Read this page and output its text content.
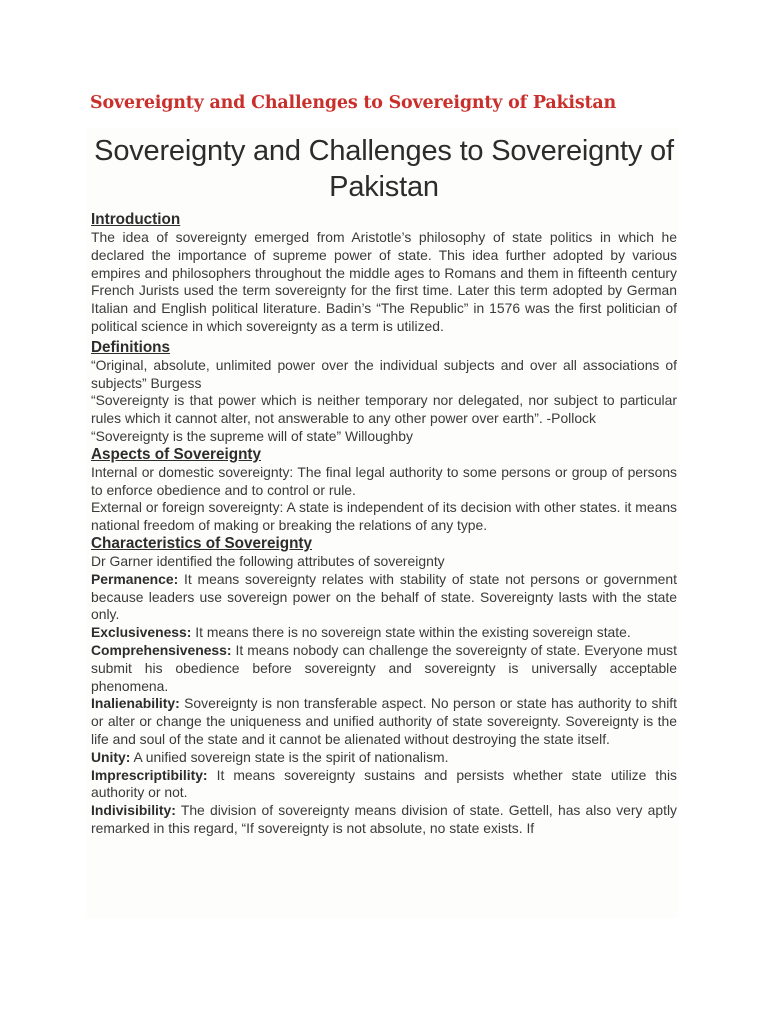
Sovereignty and Challenges to Sovereignty of Pakistan
Sovereignty and Challenges to Sovereignty of Pakistan
Introduction

The idea of sovereignty emerged from Aristotle’s philosophy of state politics in which he declared the importance of supreme power of state. This idea further adopted by various empires and philosophers throughout the middle ages to Romans and them in fifteenth century French Jurists used the term sovereignty for the first time. Later this term adopted by German Italian and English political literature. Badin’s “The Republic” in 1576 was the first politician of political science in which sovereignty as a term is utilized.

Definitions

“Original, absolute, unlimited power over the individual subjects and over all associations of subjects” Burgess

“Sovereignty is that power which is neither temporary nor delegated, nor subject to particular rules which it cannot alter, not answerable to any other power over earth”. -Pollock

“Sovereignty is the supreme will of state” Willoughby

Aspects of Sovereignty

Internal or domestic sovereignty: The final legal authority to some persons or group of persons to enforce obedience and to control or rule.

External or foreign sovereignty: A state is independent of its decision with other states. it means national freedom of making or breaking the relations of any type.

Characteristics of Sovereignty

Dr Garner identified the following attributes of sovereignty

Permanence: It means sovereignty relates with stability of state not persons or government because leaders use sovereign power on the behalf of state. Sovereignty lasts with the state only.

Exclusiveness: It means there is no sovereign state within the existing sovereign state.

Comprehensiveness: It means nobody can challenge the sovereignty of state. Everyone must submit his obedience before sovereignty and sovereignty is universally acceptable phenomena.

Inalienability: Sovereignty is non transferable aspect. No person or state has authority to shift or alter or change the uniqueness and unified authority of state sovereignty. Sovereignty is the life and soul of the state and it cannot be alienated without destroying the state itself.

Unity: A unified sovereign state is the spirit of nationalism.

Imprescriptibility: It means sovereignty sustains and persists whether state utilize this authority or not.

Indivisibility: The division of sovereignty means division of state. Gettell, has also very aptly remarked in this regard, “If sovereignty is not absolute, no state exists. If
